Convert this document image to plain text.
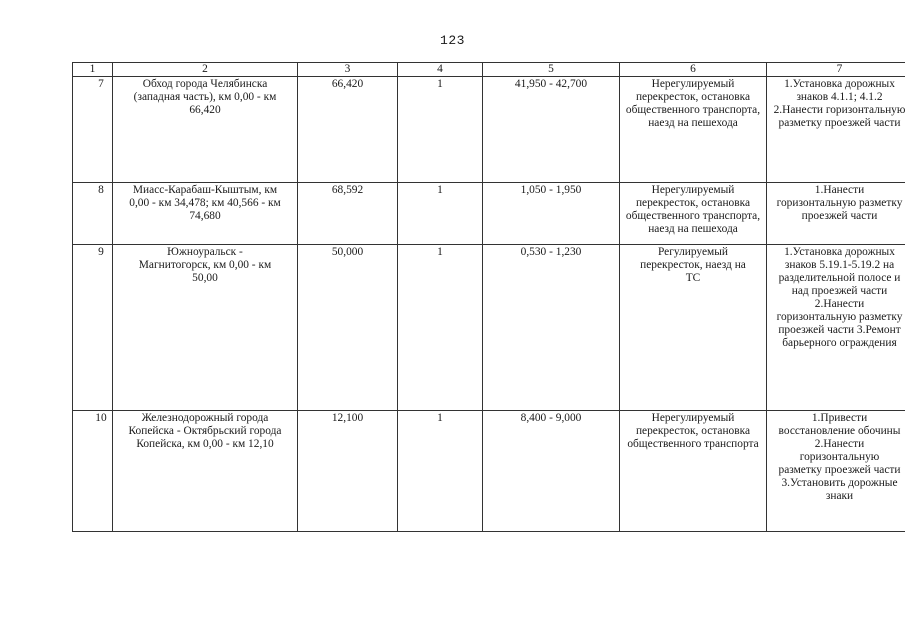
123
1	2	3	4	5	6	7
7	Обход города Челябинска (западная часть), км 0,00 - км 66,420	66,420	1	41,950 - 42,700	Нерегулируемый перекресток, остановка общественного транспорта, наезд на пешехода	1.Установка дорожных знаков 4.1.1; 4.1.2 2.Нанести горизонтальную разметку проезжей части

8	Миасс-Карабаш-Кыштым, км 0,00 - км 34,478; км 40,566 - км 74,680	68,592	1	1,050 - 1,950	Нерегулируемый перекресток, остановка общественного транспорта, наезд на пешехода	1.Нанести горизонтальную разметку проезжей части

9	Южноуральск - Магнитогорск, км 0,00 - км 50,00	50,000	1	0,530 - 1,230	Регулируемый перекресток, наезд на ТС	1.Установка дорожных знаков 5.19.1-5.19.2 на разделительной полосе и над проезжей части 2.Нанести горизонтальную разметку проезжей части 3.Ремонт барьерного ограждения

10	Железнодорожный города Копейска - Октябрьский города Копейска, км 0,00 - км 12,10	12,100	1	8,400 - 9,000	Нерегулируемый перекресток, остановка общественного транспорта	1.Привести восстановление обочины 2.Нанести горизонтальную разметку проезжей части 3.Установить дорожные знаки
